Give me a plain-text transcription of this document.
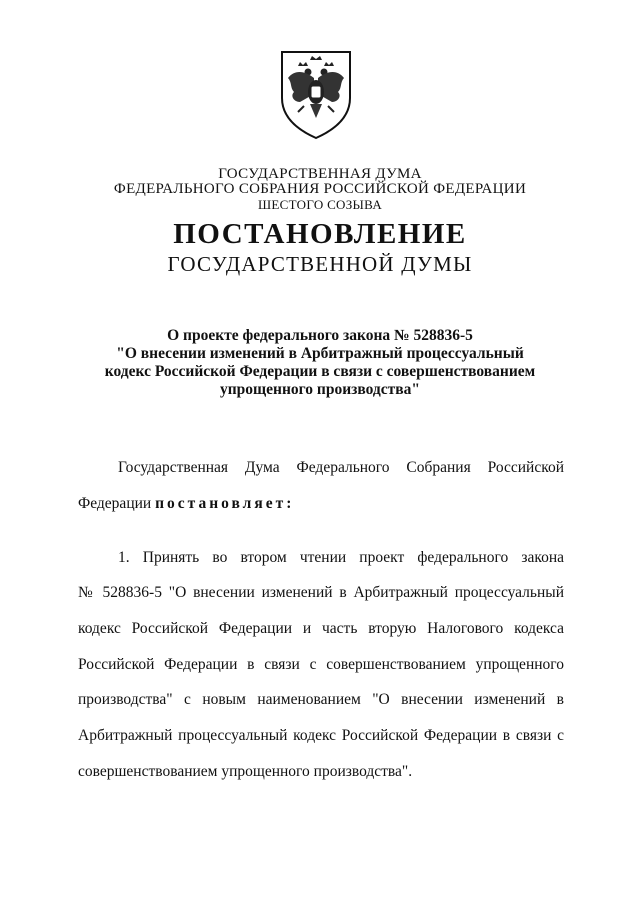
ГОСУДАРСТВЕННАЯ ДУМА
ФЕДЕРАЛЬНОГО СОБРАНИЯ РОССИЙСКОЙ ФЕДЕРАЦИИ
ШЕСТОГО СОЗЫВА
ПОСТАНОВЛЕНИЕ
ГОСУДАРСТВЕННОЙ ДУМЫ
О проекте федерального закона № 528836-5
"О внесении изменений в Арбитражный процессуальный
кодекс Российской Федерации в связи с совершенствованием
упрощенного производства"
Государственная Дума Федерального Собрания Российской
Федерации постановляет:
1. Принять во втором чтении проект федерального закона
№ 528836-5 "О внесении изменений в Арбитражный процессуальный
кодекс Российской Федерации и часть вторую Налогового кодекса
Российской Федерации в связи с совершенствованием упрощенного
производства" с новым наименованием "О внесении изменений в
Арбитражный процессуальный кодекс Российской Федерации в связи с
совершенствованием упрощенного производства".
